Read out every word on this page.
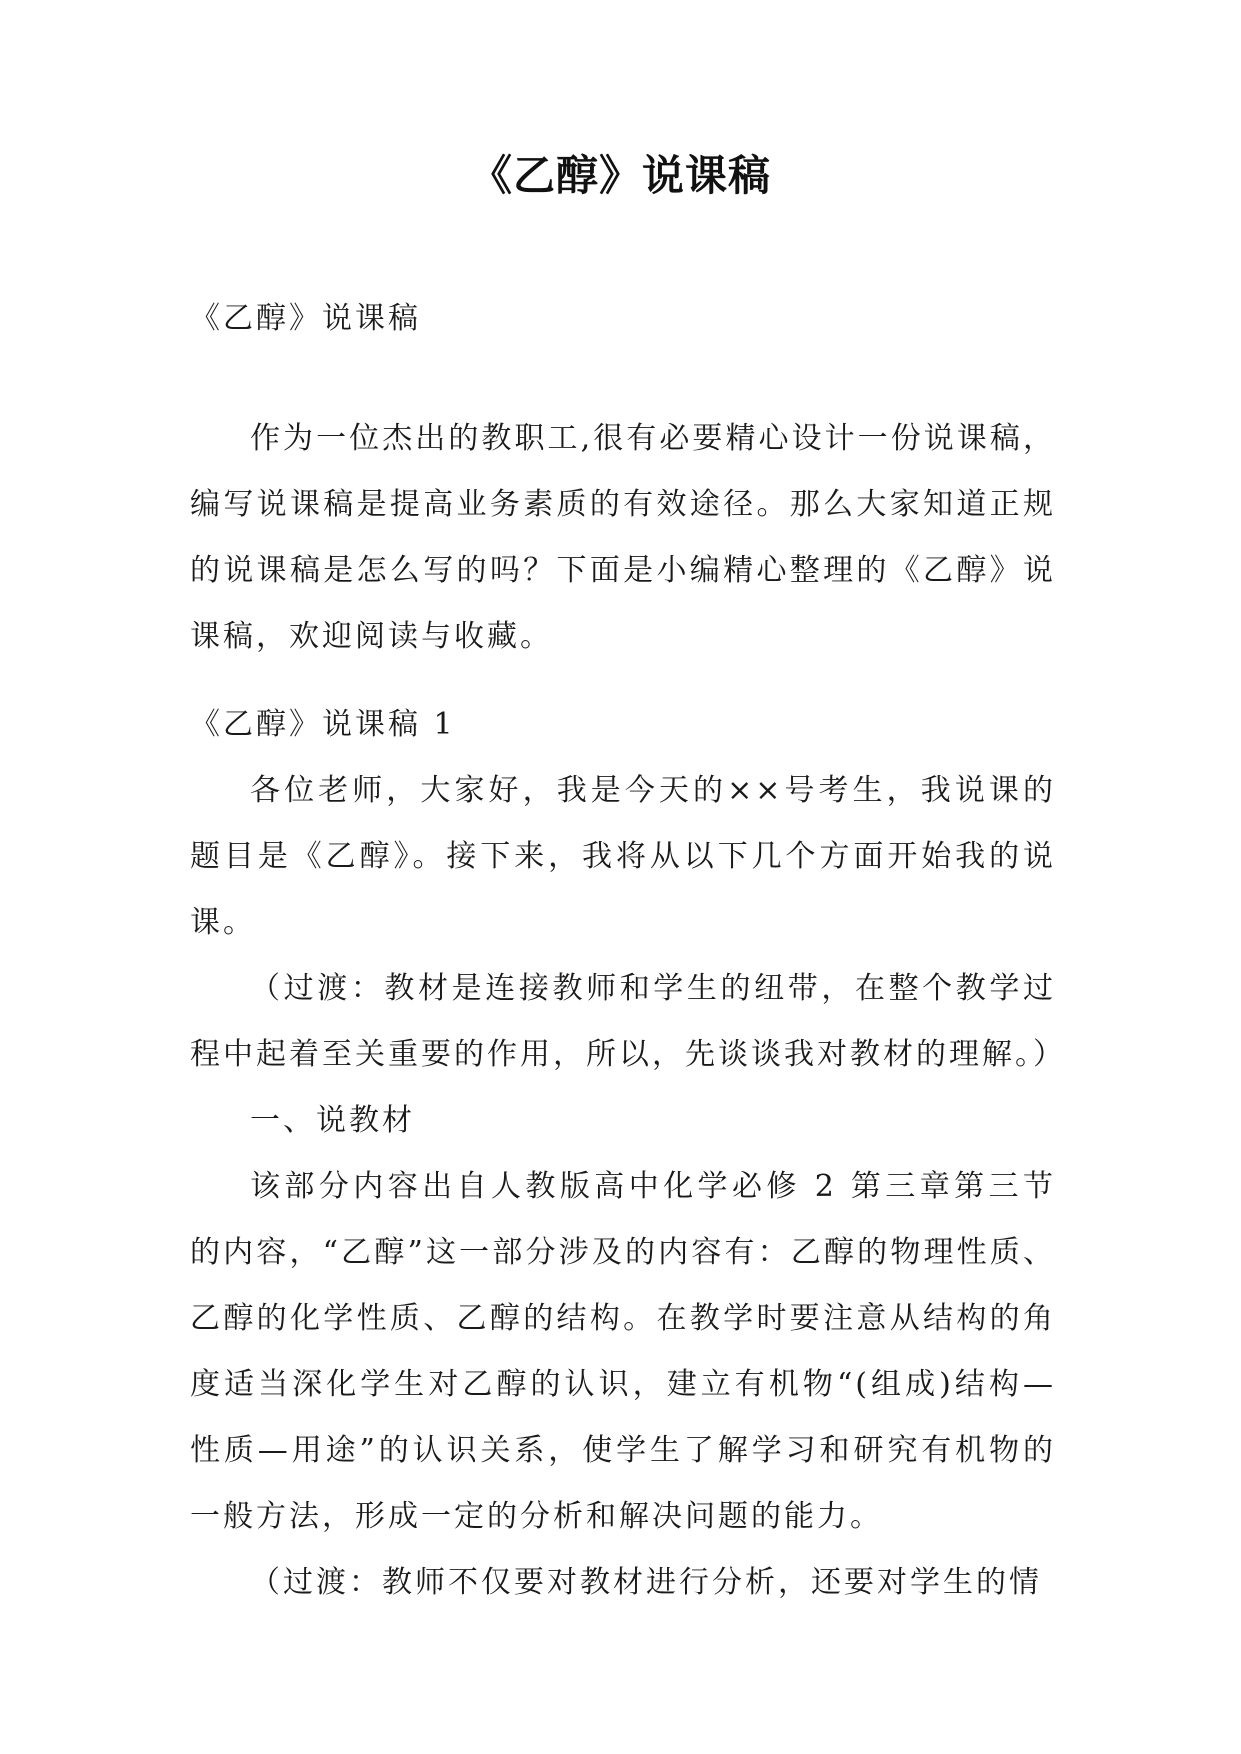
《乙醇》说课稿

《乙醇》说课稿

作为一位杰出的教职工,很有必要精心设计一份说课稿，编写说课稿是提高业务素质的有效途径。那么大家知道正规的说课稿是怎么写的吗？下面是小编精心整理的《乙醇》说课稿，欢迎阅读与收藏。

《乙醇》说课稿 1

各位老师，大家好，我是今天的××号考生，我说课的题目是《乙醇》。接下来，我将从以下几个方面开始我的说课。

（过渡：教材是连接教师和学生的纽带，在整个教学过程中起着至关重要的作用，所以，先谈谈我对教材的理解。）

一、说教材

该部分内容出自人教版高中化学必修 2 第三章第三节的内容，“乙醇”这一部分涉及的内容有：乙醇的物理性质、乙醇的化学性质、乙醇的结构。在教学时要注意从结构的角度适当深化学生对乙醇的认识，建立有机物“(组成)结构—性质—用途”的认识关系，使学生了解学习和研究有机物的一般方法，形成一定的分析和解决问题的能力。

（过渡：教师不仅要对教材进行分析，还要对学生的情
